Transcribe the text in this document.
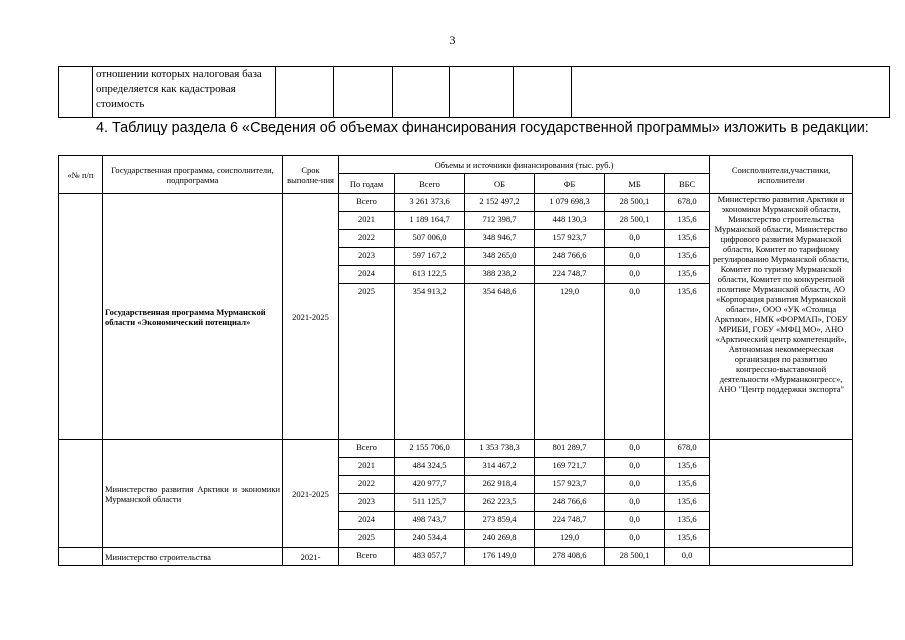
3
	отношении которых налоговая база определяется как кадастровая стоимость						
4. Таблицу раздела 6 «Сведения об объемах финансирования государственной программы» изложить в редакции:
«№ п/п	Государственная программа, соисполнители, подпрограмма	Срок выполне-ния	Объемы и источники финансирования (тыс. руб.)						Соисполнители,участники, исполнители
			По годам	Всего	ОБ	ФБ	МБ	ВБС	
	Государственная программа Мурманской области «Экономический потенциал»	2021-2025	Всего	3 261 373,6	2 152 497,2	1 079 698,3	28 500,1	678,0	Министерство развития Арктики и экономики Мурманской области, Министерство строительства Мурманской области, Министерство цифрового развития Мурманской области, Комитет по тарифному регулированию Мурманской области, Комитет по туризму Мурманской области, Комитет по конкурентной политике Мурманской области, АО «Корпорация развития Мурманской области», ООО «УК «Столица Арктики», НМК «ФОРМАП», ГОБУ МРИБИ, ГОБУ «МФЦ МО», АНО «Арктический центр компетенций», Автономная некоммерческая организация по развитию конгрессно-выставочной деятельности «Мурманконгресс», АНО "Центр поддержки экспорта"
			2021	1 189 164,7	712 398,7	448 130,3	28 500,1	135,6	
			2022	507 006,0	348 946,7	157 923,7	0,0	135,6	
			2023	597 167,2	348 265,0	248 766,6	0,0	135,6	
			2024	613 122,5	388 238,2	224 748,7	0,0	135,6	
			2025	354 913,2	354 648,6	129,0	0,0	135,6	
	Министерство развития Арктики и экономики Мурманской области	2021-2025	Всего	2 155 706,0	1 353 738,3	801 289,7	0,0	678,0	
			2021	484 324,5	314 467,2	169 721,7	0,0	135,6	
			2022	420 977,7	262 918,4	157 923,7	0,0	135,6	
			2023	511 125,7	262 223,5	248 766,6	0,0	135,6	
			2024	498 743,7	273 859,4	224 748,7	0,0	135,6	
			2025	240 534,4	240 269,8	129,0	0,0	135,6	
	Министерство строительства	2021-	Всего	483 057,7	176 149,0	278 408,6	28 500,1	0,0	
